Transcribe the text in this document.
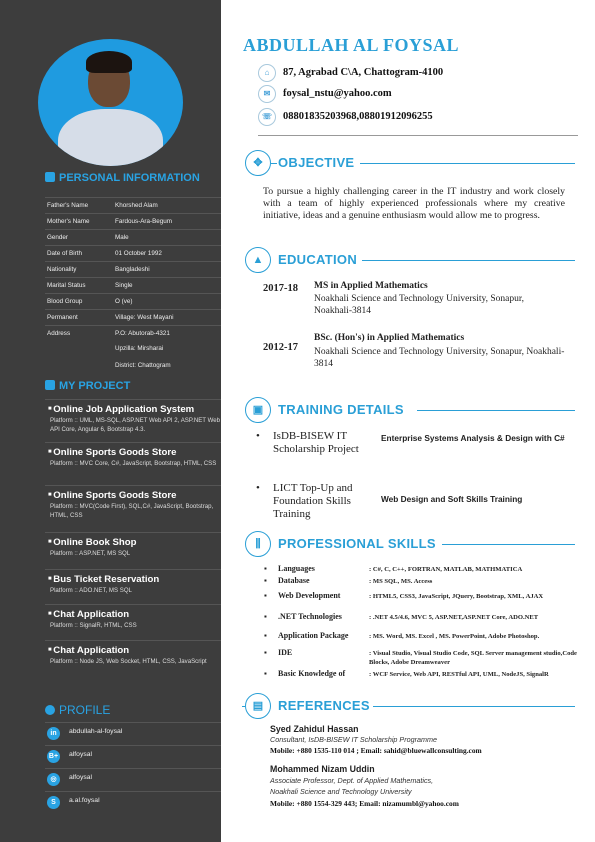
PERSONAL INFORMATION
Father's Name	Khorshed Alam
Mother's Name	Fardous-Ara-Begum
Gender	Male
Date of Birth	01 October 1992
Nationality	Bangladeshi
Marital Status	Single
Blood Group	O (ve)
Permanent	Village: West Mayani
Address	P.O: Abutorab-4321
Upzilla: Mirsharai
District: Chattogram
MY PROJECT
■ Online Job Application System
Platform :: UML, MS-SQL, ASP.NET Web API 2, ASP.NET Web API Core, Angular 6, Bootstrap 4.3.
■ Online Sports Goods Store
Platform :: MVC Core, C#, JavaScript, Bootstrap, HTML, CSS
■ Online Sports Goods Store
Platform :: MVC(Code First), SQL,C#, JavaScript, Bootstrap, HTML, CSS
■ Online Book Shop
Platform :: ASP.NET, MS SQL
■ Bus Ticket Reservation
Platform :: ADO.NET, MS SQL
■ Chat Application
Platform :: SignalR, HTML, CSS
■ Chat Application
Platform :: Node JS, Web Socket, HTML, CSS, JavaScript
PROFILE
in	abdullah-al-foysal
B+ alfoysal
◎	alfoysal
S	a.al.foysal
ABDULLAH AL FOYSAL
⌂	87, Agrabad C\A, Chattogram-4100
✉	foysal_nstu@yahoo.com
☏	08801835203968,08801912096255
✥	OBJECTIVE
To pursue a highly challenging career in the IT industry and work closely with a team of highly experienced professionals where my creative initiative, ideas and a genuine enthusiasm would allow me to progress.
▲	EDUCATION
2017-18 MS in Applied Mathematics
Noakhali Science and Technology University, Sonapur, Noakhali-3814
2012-17
BSc. (Hon's) in Applied Mathematics
Noakhali Science and Technology University, Sonapur, Noakhali-3814
▣	TRAINING DETAILS
• IsDB-BISEW IT Scholarship Project
Enterprise Systems Analysis & Design with C#
• LICT Top-Up and Foundation Skills Training
Web Design and Soft Skills Training
⫼	PROFESSIONAL SKILLS
▪ Languages	: C#, C, C++, FORTRAN, MATLAB, MATHMATICA
▪ Database	: MS SQL, MS. Access
▪ Web Development	: HTML5, CSS3, JavaScript, JQuery, Bootstrap, XML, AJAX
▪ .NET Technologies	: .NET 4.5/4.6, MVC 5, ASP.NET,ASP.NET Core, ADO.NET
▪ Application Package	: MS. Word, MS. Excel , MS. PowerPoint, Adobe Photoshop.
▪ IDE	: Visual Studio, Visual Studio Code, SQL Server management studio,Code Blocks, Adobe Dreamweaver
▪ Basic Knowledge of	: WCF Service, Web API, RESTful API, UML, NodeJS, SignalR
▤	REFERENCES
Syed Zahidul Hassan
Consultant, IsDB-BISEW IT Scholarship Programme
Mobile: +880 1535-110 014 ; Email: sahid@bluewallconsulting.com
Mohammed Nizam Uddin
Associate Professor, Dept. of Applied Mathematics,
Noakhali Science and Technology University
Mobile: +880 1554-329 443; Email: nizamumbl@yahoo.com
